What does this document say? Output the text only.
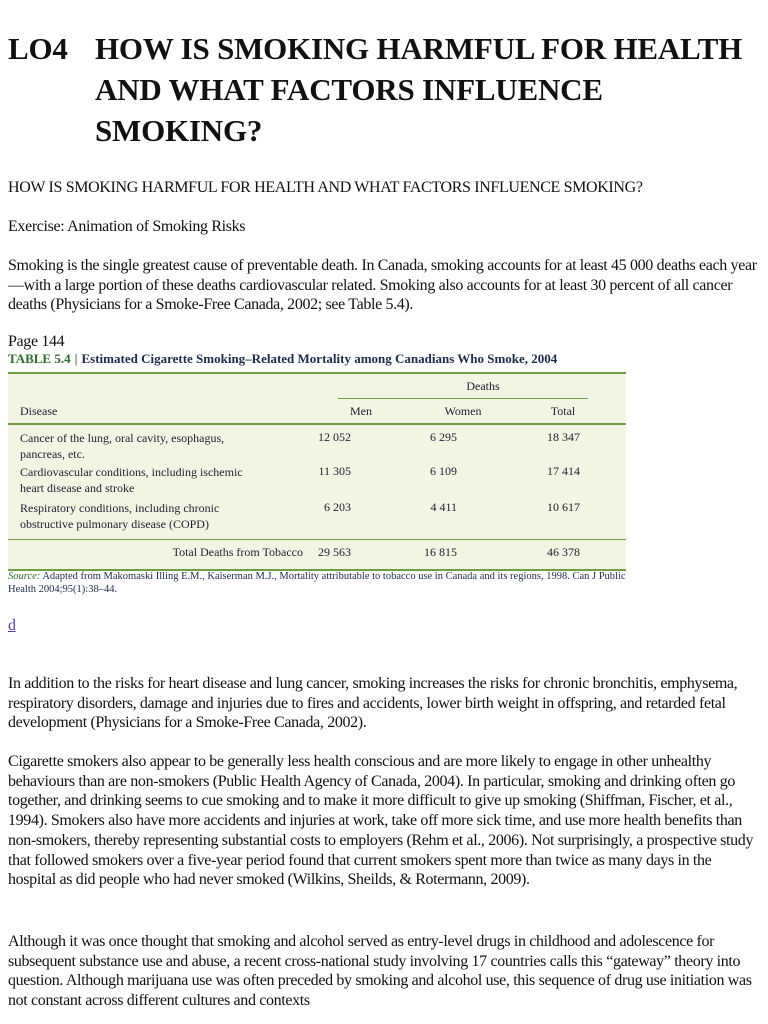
LO4 HOW IS SMOKING HARMFUL FOR HEALTH AND WHAT FACTORS INFLUENCE SMOKING?
HOW IS SMOKING HARMFUL FOR HEALTH AND WHAT FACTORS INFLUENCE SMOKING?
Exercise: Animation of Smoking Risks
Smoking is the single greatest cause of preventable death. In Canada, smoking accounts for at least 45 000 deaths each year—with a large portion of these deaths cardiovascular related. Smoking also accounts for at least 30 percent of all cancer deaths (Physicians for a Smoke-Free Canada, 2002; see Table 5.4).
Page 144
TABLE 5.4 | Estimated Cigarette Smoking–Related Mortality among Canadians Who Smoke, 2004
Deaths
Disease	Men	Women	Total
Cancer of the lung, oral cavity, esophagus,
pancreas, etc.
12 052	6 295	18 347
Cardiovascular conditions, including ischemic
heart disease and stroke
11 305	6 109	17 414
Respiratory conditions, including chronic
obstructive pulmonary disease (COPD)
6 203	4 411	10 617
Total Deaths from Tobacco	29 563	16 815	46 378
Source: Adapted from Makomaski Illing E.M., Kaiserman M.J., Mortality attributable to tobacco use in Canada and its regions, 1998. Can J Public Health 2004;95(1):38–44.
d
In addition to the risks for heart disease and lung cancer, smoking increases the risks for chronic bronchitis, emphysema, respiratory disorders, damage and injuries due to fires and accidents, lower birth weight in offspring, and retarded fetal development (Physicians for a Smoke-Free Canada, 2002).
Cigarette smokers also appear to be generally less health conscious and are more likely to engage in other unhealthy behaviours than are non-smokers (Public Health Agency of Canada, 2004). In particular, smoking and drinking often go together, and drinking seems to cue smoking and to make it more difficult to give up smoking (Shiffman, Fischer, et al., 1994). Smokers also have more accidents and injuries at work, take off more sick time, and use more health benefits than non-smokers, thereby representing substantial costs to employers (Rehm et al., 2006). Not surprisingly, a prospective study that followed smokers over a five-year period found that current smokers spent more than twice as many days in the hospital as did people who had never smoked (Wilkins, Sheilds, & Rotermann, 2009).
Although it was once thought that smoking and alcohol served as entry-level drugs in childhood and adolescence for subsequent substance use and abuse, a recent cross-national study involving 17 countries calls this “gateway” theory into question. Although marijuana use was often preceded by smoking and alcohol use, this sequence of drug use initiation was not constant across different cultures and contexts
